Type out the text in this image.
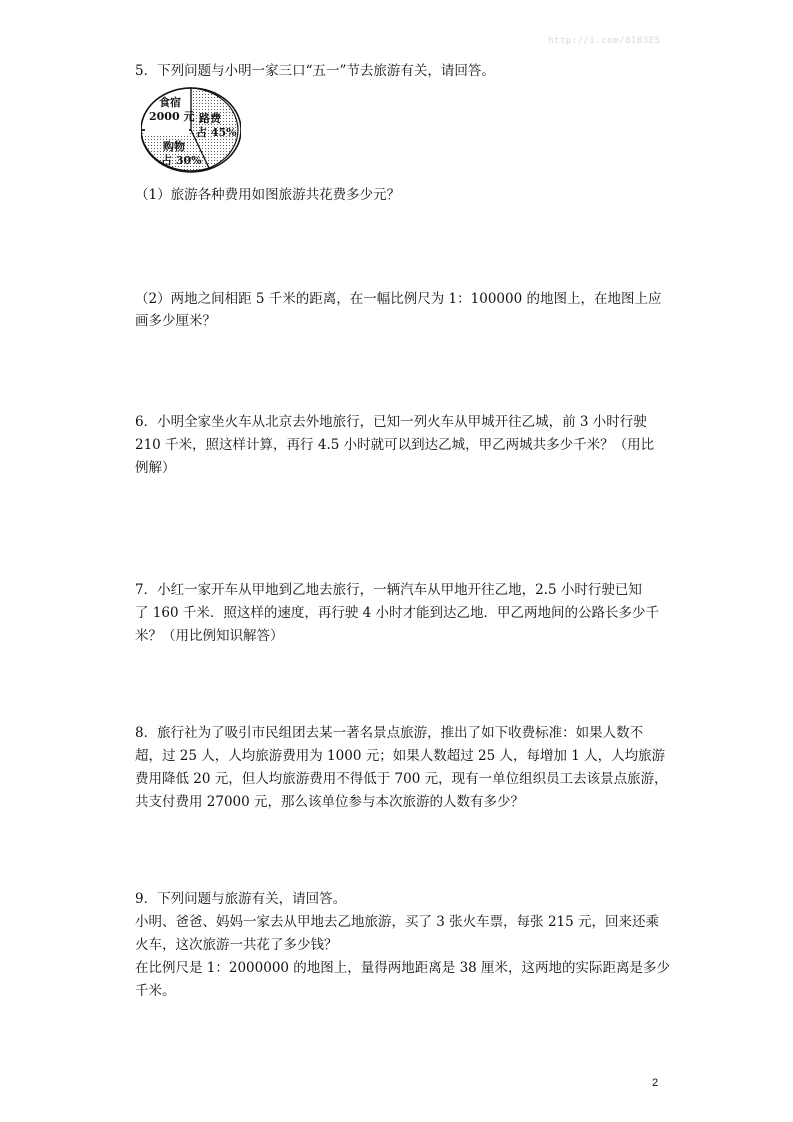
http://i.com/8103E5
5．下列问题与小明一家三口“五一”节去旅游有关，请回答。
食宿
2000 元 路费
占 45%
购物
占 30%
（1）旅游各种费用如图旅游共花费多少元？
（2）两地之间相距 5 千米的距离，在一幅比例尺为 1：100000 的地图上，在地图上应
画多少厘米？
6．小明全家坐火车从北京去外地旅行，已知一列火车从甲城开往乙城，前 3 小时行驶
210 千米，照这样计算，再行 4.5 小时就可以到达乙城，甲乙两城共多少千米？（用比
例解）
7．小红一家开车从甲地到乙地去旅行，一辆汽车从甲地开往乙地，2.5 小时行驶已知
了 160 千米．照这样的速度，再行驶 4 小时才能到达乙地．甲乙两地间的公路长多少千
米？（用比例知识解答）
8．旅行社为了吸引市民组团去某一著名景点旅游，推出了如下收费标准：如果人数不
超，过 25 人，人均旅游费用为 1000 元；如果人数超过 25 人，每增加 1 人，人均旅游
费用降低 20 元，但人均旅游费用不得低于 700 元，现有一单位组织员工去该景点旅游，
共支付费用 27000 元，那么该单位参与本次旅游的人数有多少？
9．下列问题与旅游有关，请回答。
小明、爸爸、妈妈一家去从甲地去乙地旅游，买了 3 张火车票，每张 215 元，回来还乘
火车，这次旅游一共花了多少钱？
在比例尺是 1：2000000 的地图上，量得两地距离是 38 厘米，这两地的实际距离是多少
千米。
2
